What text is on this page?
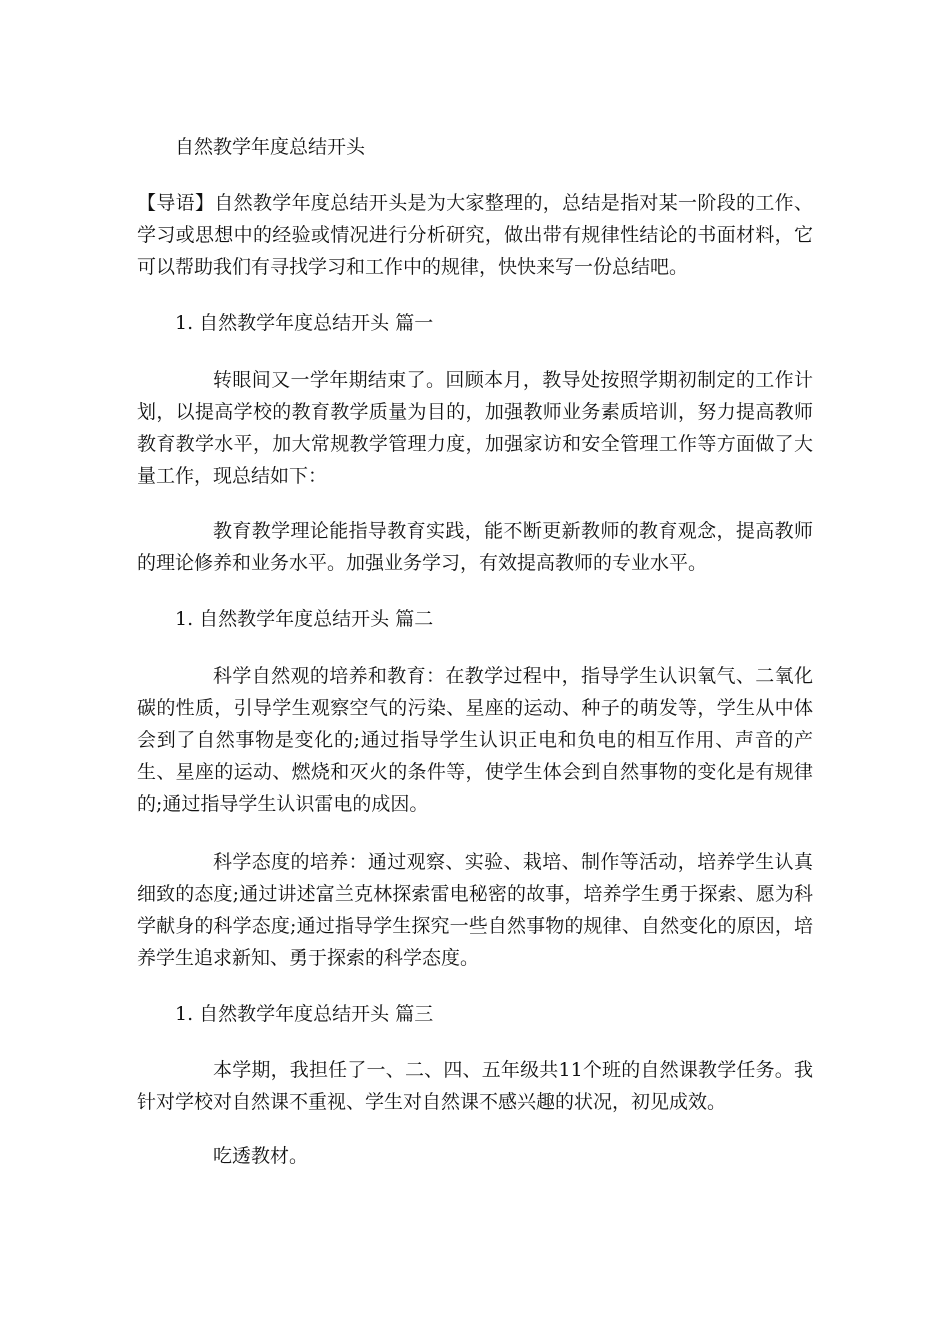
自然教学年度总结开头

【导语】自然教学年度总结开头是为大家整理的，总结是指对某一阶段的工作、学习或思想中的经验或情况进行分析研究，做出带有规律性结论的书面材料，它可以帮助我们有寻找学习和工作中的规律，快快来写一份总结吧。

1. 自然教学年度总结开头 篇一

转眼间又一学年期结束了。回顾本月，教导处按照学期初制定的工作计划，以提高学校的教育教学质量为目的，加强教师业务素质培训，努力提高教师教育教学水平，加大常规教学管理力度，加强家访和安全管理工作等方面做了大量工作，现总结如下：

教育教学理论能指导教育实践，能不断更新教师的教育观念，提高教师的理论修养和业务水平。加强业务学习，有效提高教师的专业水平。

1. 自然教学年度总结开头 篇二

科学自然观的培养和教育：在教学过程中，指导学生认识氧气、二氧化碳的性质，引导学生观察空气的污染、星座的运动、种子的萌发等，学生从中体会到了自然事物是变化的;通过指导学生认识正电和负电的相互作用、声音的产生、星座的运动、燃烧和灭火的条件等，使学生体会到自然事物的变化是有规律的;通过指导学生认识雷电的成因。

科学态度的培养：通过观察、实验、栽培、制作等活动，培养学生认真细致的态度;通过讲述富兰克林探索雷电秘密的故事，培养学生勇于探索、愿为科学献身的科学态度;通过指导学生探究一些自然事物的规律、自然变化的原因，培养学生追求新知、勇于探索的科学态度。

1. 自然教学年度总结开头 篇三

本学期，我担任了一、二、四、五年级共11个班的自然课教学任务。我针对学校对自然课不重视、学生对自然课不感兴趣的状况，初见成效。

吃透教材。
